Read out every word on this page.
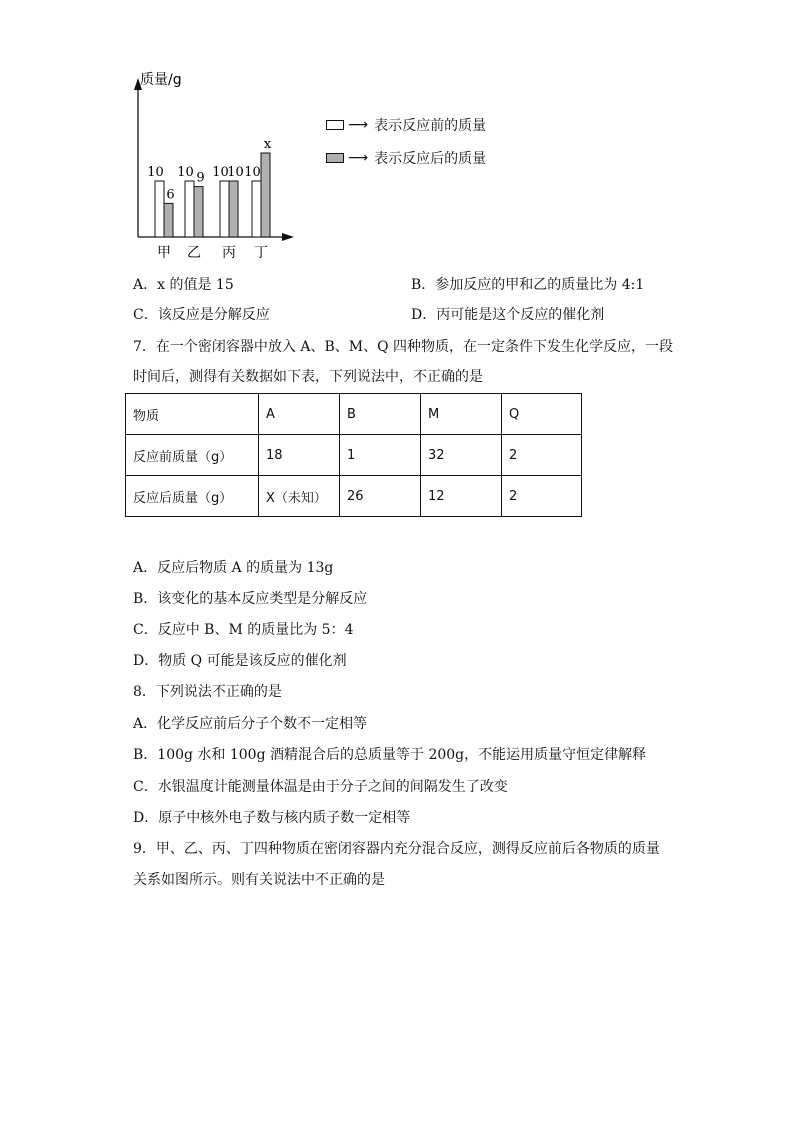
质量/g
10
6
甲
10 9
乙
10
10
丙
10
x
丁
⟶ 表示反应前的质量
⟶ 表示反应后的质量
A．x 的值是 15	B．参加反应的甲和乙的质量比为 4:1
C．该反应是分解反应	D．丙可能是这个反应的催化剂
7．在一个密闭容器中放入 A、B、M、Q 四种物质，在一定条件下发生化学反应，一段
时间后，测得有关数据如下表，下列说法中，不正确的是
物质	A	B	M	Q
反应前质量（g）	18	1	32	2
反应后质量（g）	X（未知）	26	12	2
A．反应后物质 A 的质量为 13g
B．该变化的基本反应类型是分解反应
C．反应中 B、M 的质量比为 5：4
D．物质 Q 可能是该反应的催化剂
8．下列说法不正确的是
A．化学反应前后分子个数不一定相等
B．100g 水和 100g 酒精混合后的总质量等于 200g，不能运用质量守恒定律解释
C．水银温度计能测量体温是由于分子之间的间隔发生了改变
D．原子中核外电子数与核内质子数一定相等
9．甲、乙、丙、丁四种物质在密闭容器内充分混合反应，测得反应前后各物质的质量
关系如图所示。则有关说法中不正确的是
